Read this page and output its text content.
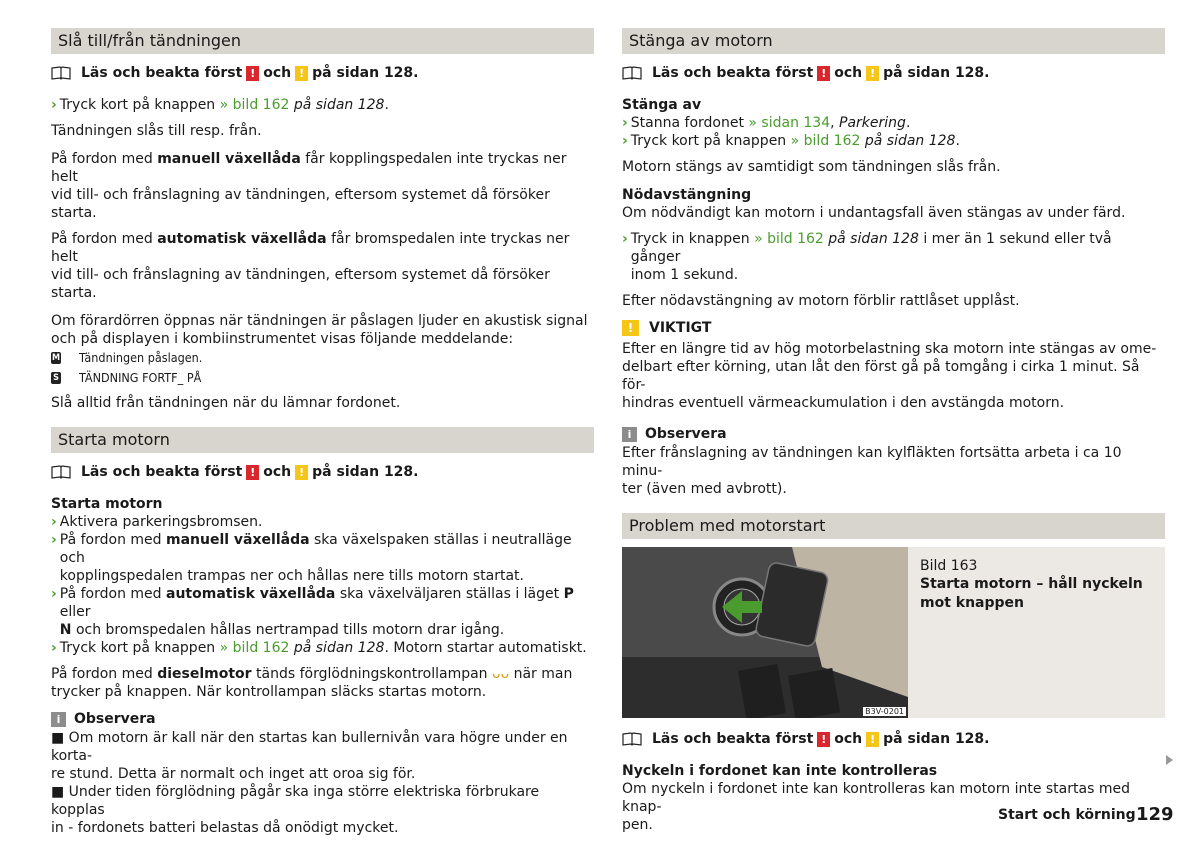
Slå till/från tändningen
Läs och beakta först ! och ! på sidan 128.
› Tryck kort på knappen » bild 162 på sidan 128.

Tändningen slås till resp. från.

På fordon med manuell växellåda får kopplingspedalen inte tryckas ner helt
vid till- och frånslagning av tändningen, eftersom systemet då försöker starta.

På fordon med automatisk växellåda får bromspedalen inte tryckas ner helt
vid till- och frånslagning av tändningen, eftersom systemet då försöker starta.

Om förardörren öppnas när tändningen är påslagen ljuder en akustisk signal
och på displayen i kombiinstrumentet visas följande meddelande:

M Tändningen påslagen.
S TÄNDNING FORTF_ PÅ

Slå alltid från tändningen när du lämnar fordonet.

Starta motorn
Läs och beakta först ! och ! på sidan 128.

Starta motorn

› Aktivera parkeringsbromsen.
› På fordon med manuell växellåda ska växelspaken ställas i neutralläge och
kopplingspedalen trampas ner och hållas nere tills motorn startat.
› På fordon med automatisk växellåda ska växelväljaren ställas i läget P eller
N och bromspedalen hållas nertrampad tills motorn drar igång.
› Tryck kort på knappen » bild 162 på sidan 128. Motorn startar automatiskt.

På fordon med dieselmotor tänds förglödningskontrollampan ᴗᴗ när man
trycker på knappen. När kontrollampan släcks startas motorn.

i Observera

■ Om motorn är kall när den startas kan bullernivån vara högre under en korta-
re stund. Detta är normalt och inget att oroa sig för.
■ Under tiden förglödning pågår ska inga större elektriska förbrukare kopplas
in - fordonets batteri belastas då onödigt mycket.

Stänga av motorn
Läs och beakta först ! och ! på sidan 128.

Stänga av

› Stanna fordonet » sidan 134, Parkering.
› Tryck kort på knappen » bild 162 på sidan 128.

Motorn stängs av samtidigt som tändningen slås från.

Nödavstängning

Om nödvändigt kan motorn i undantagsfall även stängas av under färd.

› Tryck in knappen » bild 162 på sidan 128 i mer än 1 sekund eller två gånger
inom 1 sekund.

Efter nödavstängning av motorn förblir rattlåset upplåst.

!	VIKTIGT

Efter en längre tid av hög motorbelastning ska motorn inte stängas av ome-
delbart efter körning, utan låt den först gå på tomgång i cirka 1 minut. Så för-
hindras eventuell värmeackumulation i den avstängda motorn.

i Observera

Efter frånslagning av tändningen kan kylfläkten fortsätta arbeta i ca 10 minu-
ter (även med avbrott).

Problem med motorstart
B3V-0201
Bild 163
Starta motorn – håll nyckeln mot knappen
Läs och beakta först ! och ! på sidan 128.

Nyckeln i fordonet kan inte kontrolleras

Om nyckeln i fordonet inte kan kontrolleras kan motorn inte startas med knap-
pen.

Start och körning 129
